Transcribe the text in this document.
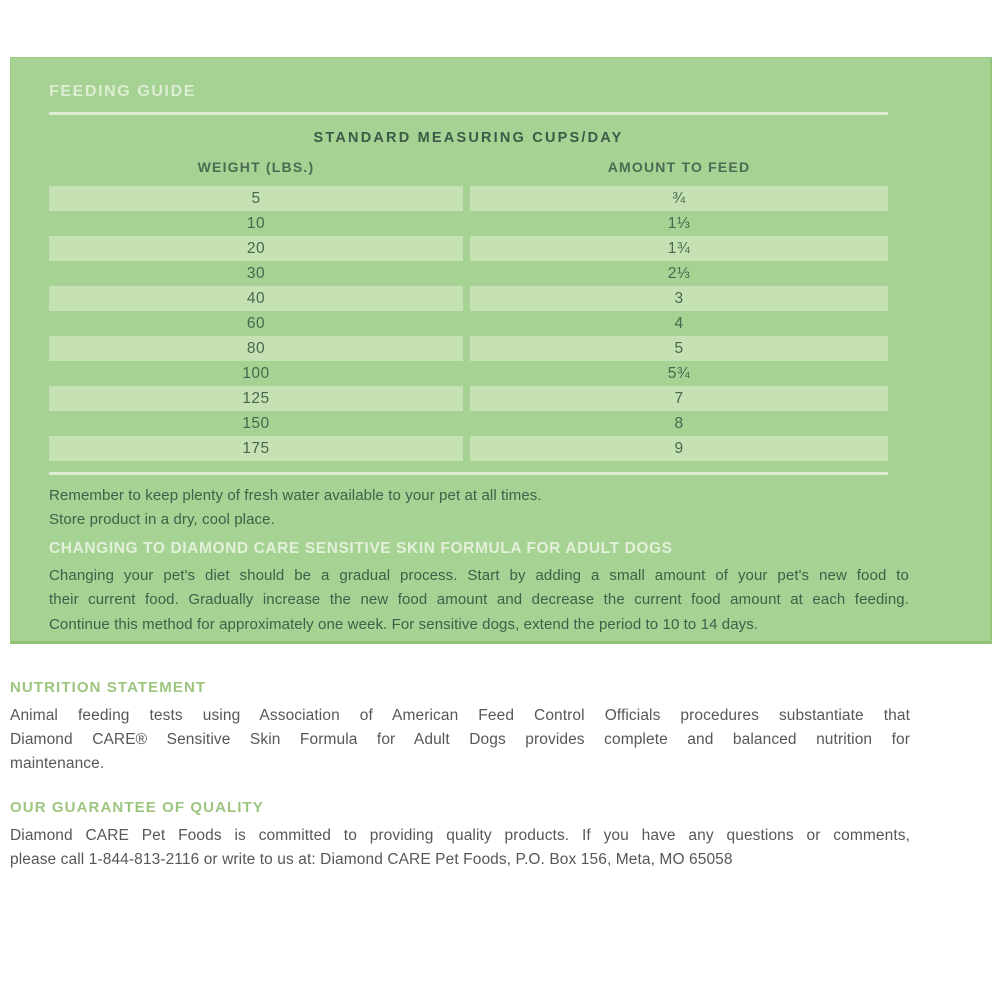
FEEDING GUIDE
STANDARD MEASURING CUPS/DAY
WEIGHT (LBS.)	AMOUNT TO FEED
5	¾
10	1⅓
20	1¾
30	2⅓
40	3
60	4
80	5
100	5¾
125	7
150	8
175	9
Remember to keep plenty of fresh water available to your pet at all times.
Store product in a dry, cool place.
CHANGING TO DIAMOND CARE SENSITIVE SKIN FORMULA FOR ADULT DOGS
Changing your pet's diet should be a gradual process. Start by adding a small amount of your pet's new food to
their current food. Gradually increase the new food amount and decrease the current food amount at each feeding.
Continue this method for approximately one week. For sensitive dogs, extend the period to 10 to 14 days.
NUTRITION STATEMENT
Animal feeding tests using Association of American Feed Control Officials procedures substantiate that
Diamond CARE® Sensitive Skin Formula for Adult Dogs provides complete and balanced nutrition for
maintenance.
OUR GUARANTEE OF QUALITY
Diamond CARE Pet Foods is committed to providing quality products. If you have any questions or comments,
please call 1-844-813-2116 or write to us at: Diamond CARE Pet Foods, P.O. Box 156, Meta, MO 65058
